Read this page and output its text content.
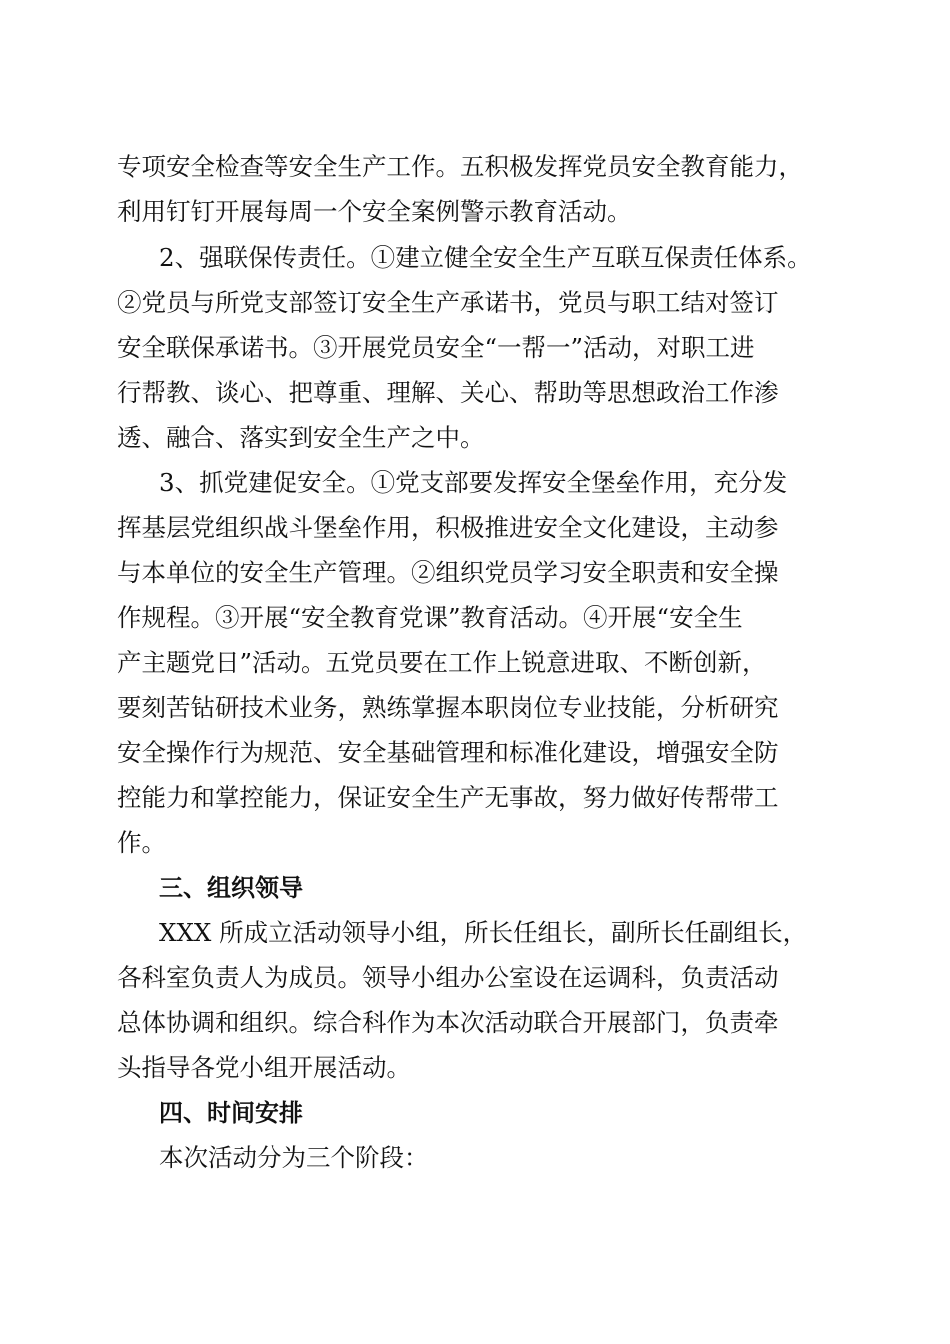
专项安全检查等安全生产工作。五积极发挥党员安全教育能力，
利用钉钉开展每周一个安全案例警示教育活动。
2、强联保传责任。①建立健全安全生产互联互保责任体系。
②党员与所党支部签订安全生产承诺书，党员与职工结对签订
安全联保承诺书。③开展党员安全“一帮一”活动，对职工进
行帮教、谈心、把尊重、理解、关心、帮助等思想政治工作渗
透、融合、落实到安全生产之中。
3、抓党建促安全。①党支部要发挥安全堡垒作用，充分发
挥基层党组织战斗堡垒作用，积极推进安全文化建设，主动参
与本单位的安全生产管理。②组织党员学习安全职责和安全操
作规程。③开展“安全教育党课”教育活动。④开展“安全生
产主题党日”活动。五党员要在工作上锐意进取、不断创新，
要刻苦钻研技术业务，熟练掌握本职岗位专业技能，分析研究
安全操作行为规范、安全基础管理和标准化建设，增强安全防
控能力和掌控能力，保证安全生产无事故，努力做好传帮带工
作。
三、组织领导
XXX 所成立活动领导小组，所长任组长，副所长任副组长，
各科室负责人为成员。领导小组办公室设在运调科，负责活动
总体协调和组织。综合科作为本次活动联合开展部门，负责牵
头指导各党小组开展活动。
四、时间安排
本次活动分为三个阶段：
